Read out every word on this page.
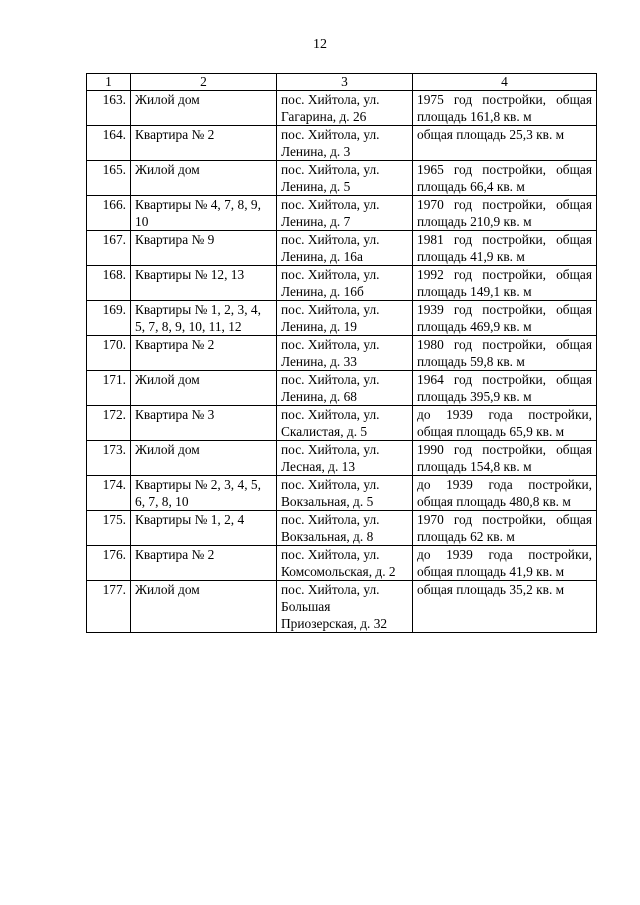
12
1	2	3	4
163.	Жилой дом	пос. Хийтола, ул. Гагарина, д. 26	1975 год постройки, общая площадь 161,8 кв. м
164.	Квартира № 2	пос. Хийтола, ул. Ленина, д. 3	общая площадь 25,3 кв. м
165.	Жилой дом	пос. Хийтола, ул. Ленина, д. 5	1965 год постройки, общая площадь 66,4 кв. м
166.	Квартиры № 4, 7, 8, 9, 10	пос. Хийтола, ул. Ленина, д. 7	1970 год постройки, общая площадь 210,9 кв. м
167.	Квартира № 9	пос. Хийтола, ул. Ленина, д. 16а	1981 год постройки, общая площадь 41,9 кв. м
168.	Квартиры № 12, 13	пос. Хийтола, ул. Ленина, д. 16б	1992 год постройки, общая площадь 149,1 кв. м
169.	Квартиры № 1, 2, 3, 4, 5, 7, 8, 9, 10, 11, 12	пос. Хийтола, ул. Ленина, д. 19	1939 год постройки, общая площадь 469,9 кв. м
170.	Квартира № 2	пос. Хийтола, ул. Ленина, д. 33	1980 год постройки, общая площадь 59,8 кв. м
171.	Жилой дом	пос. Хийтола, ул. Ленина, д. 68	1964 год постройки, общая площадь 395,9 кв. м
172.	Квартира № 3	пос. Хийтола, ул. Скалистая, д. 5	до 1939 года постройки, общая площадь 65,9 кв. м
173.	Жилой дом	пос. Хийтола, ул. Лесная, д. 13	1990 год постройки, общая площадь 154,8 кв. м
174.	Квартиры № 2, 3, 4, 5, 6, 7, 8, 10	пос. Хийтола, ул. Вокзальная, д. 5	до 1939 года постройки, общая площадь 480,8 кв. м
175.	Квартиры № 1, 2, 4	пос. Хийтола, ул. Вокзальная, д. 8	1970 год постройки, общая площадь 62 кв. м
176.	Квартира № 2	пос. Хийтола, ул. Комсомольская, д. 2	до 1939 года постройки, общая площадь 41,9 кв. м
177.	Жилой дом	пос. Хийтола, ул. Большая Приозерская, д. 32	общая площадь 35,2 кв. м
